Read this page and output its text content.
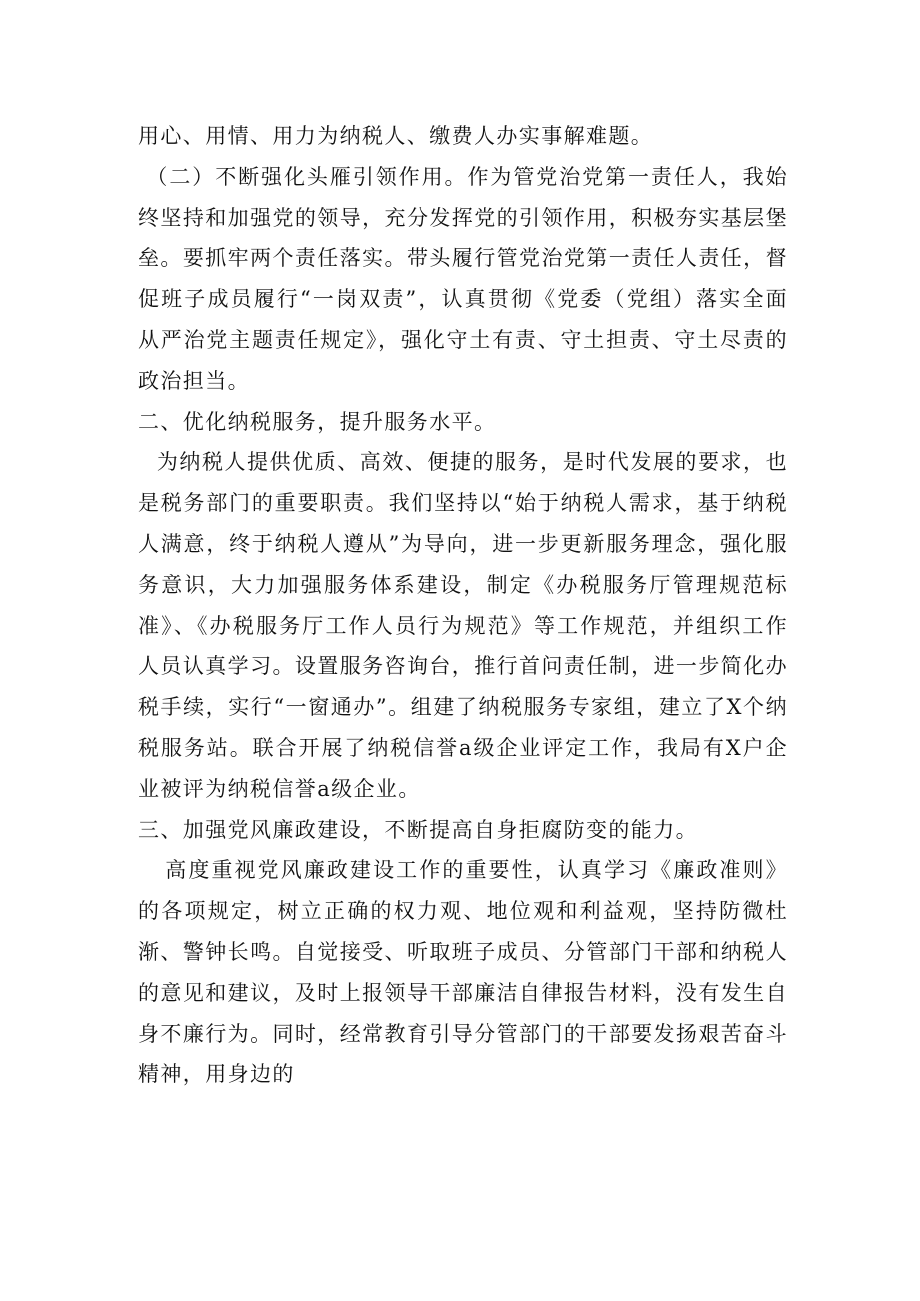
用心、用情、用力为纳税人、缴费人办实事解难题。

（二）不断强化头雁引领作用。作为管党治党第一责任人，我始终坚持和加强党的领导，充分发挥党的引领作用，积极夯实基层堡垒。要抓牢两个责任落实。带头履行管党治党第一责任人责任，督促班子成员履行“一岗双责”，认真贯彻《党委（党组）落实全面从严治党主题责任规定》，强化守土有责、守土担责、守土尽责的政治担当。

二、优化纳税服务，提升服务水平。

为纳税人提供优质、高效、便捷的服务，是时代发展的要求，也是税务部门的重要职责。我们坚持以“始于纳税人需求，基于纳税人满意，终于纳税人遵从”为导向，进一步更新服务理念，强化服务意识，大力加强服务体系建设，制定《办税服务厅管理规范标准》、《办税服务厅工作人员行为规范》等工作规范，并组织工作人员认真学习。设置服务咨询台，推行首问责任制，进一步简化办税手续，实行“一窗通办”。组建了纳税服务专家组，建立了X个纳税服务站。联合开展了纳税信誉a级企业评定工作，我局有X户企业被评为纳税信誉a级企业。

三、加强党风廉政建设，不断提高自身拒腐防变的能力。

高度重视党风廉政建设工作的重要性，认真学习《廉政准则》的各项规定，树立正确的权力观、地位观和利益观，坚持防微杜渐、警钟长鸣。自觉接受、听取班子成员、分管部门干部和纳税人的意见和建议，及时上报领导干部廉洁自律报告材料，没有发生自身不廉行为。同时，经常教育引导分管部门的干部要发扬艰苦奋斗精神，用身边的
